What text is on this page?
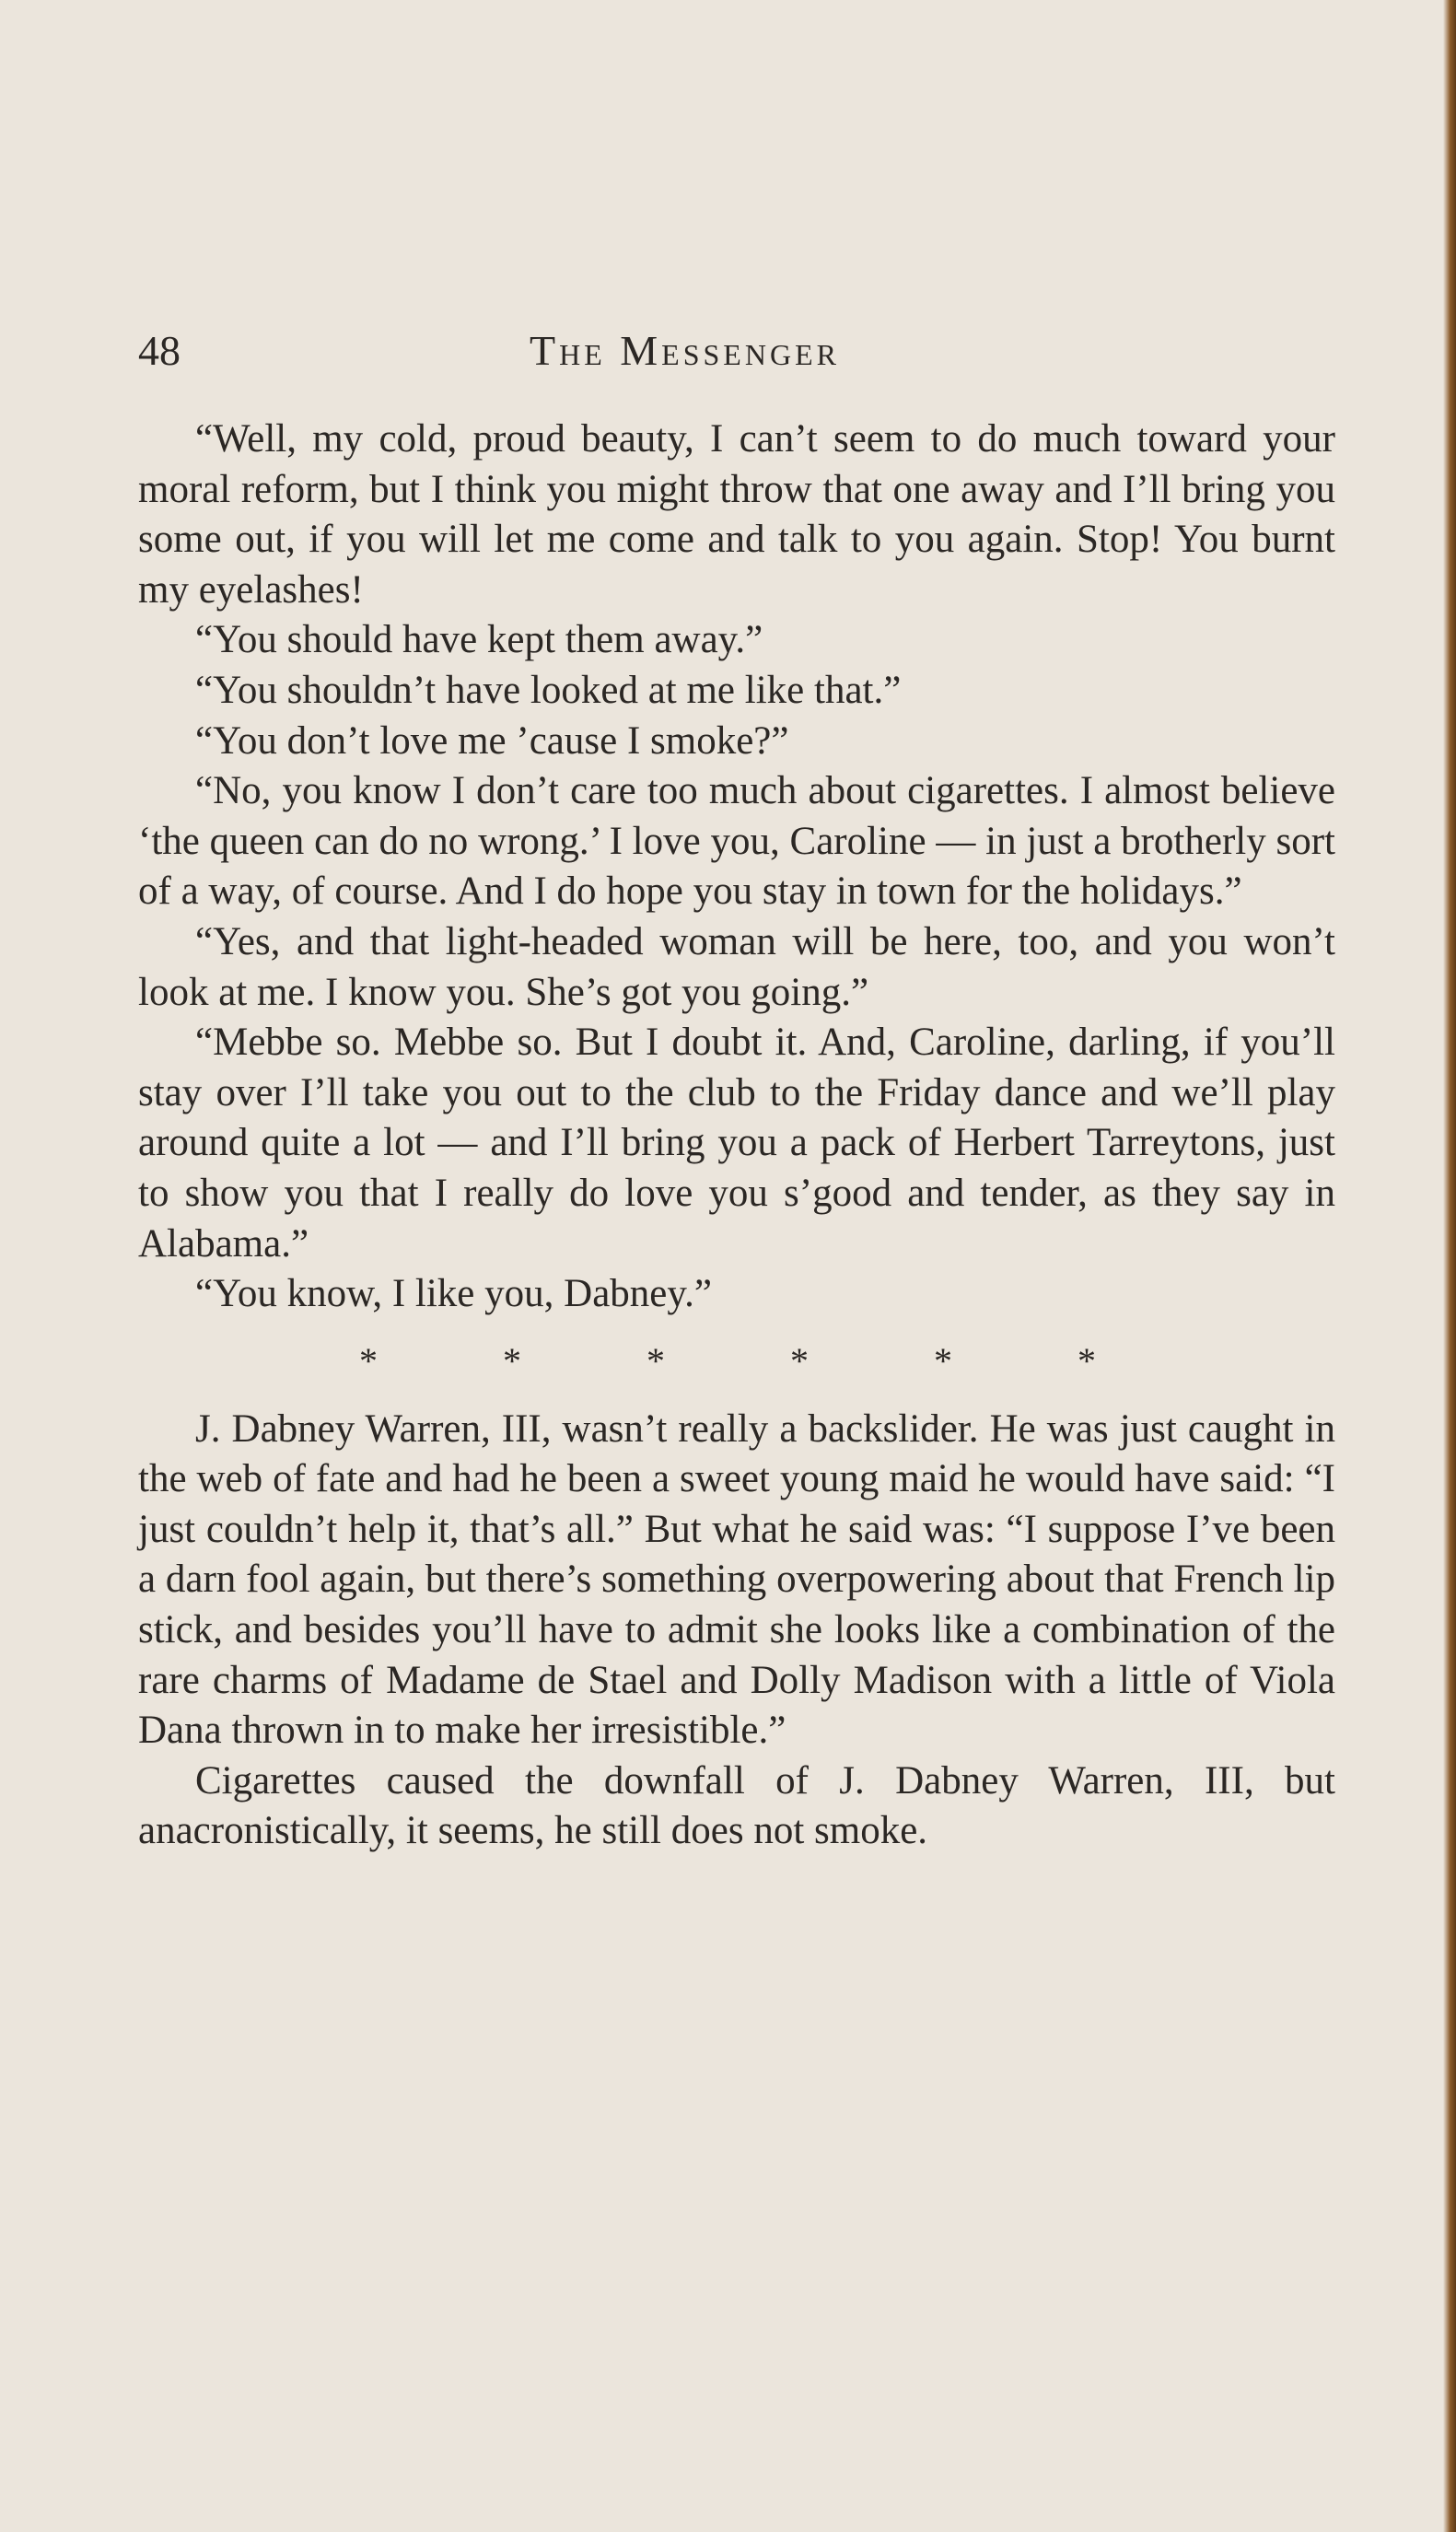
48	The Messenger

“Well, my cold, proud beauty, I can’t seem to do much toward your moral reform, but I think you might throw that one away and I’ll bring you some out, if you will let me come and talk to you again. Stop! You burnt my eyelashes!

“You should have kept them away.”

“You shouldn’t have looked at me like that.”

“You don’t love me ’cause I smoke?”

“No, you know I don’t care too much about cigarettes. I almost believe ‘the queen can do no wrong.’ I love you, Caroline — in just a brotherly sort of a way, of course. And I do hope you stay in town for the holidays.”

“Yes, and that light-headed woman will be here, too, and you won’t look at me. I know you. She’s got you going.”

“Mebbe so. Mebbe so. But I doubt it. And, Caroline, darling, if you’ll stay over I’ll take you out to the club to the Friday dance and we’ll play around quite a lot — and I’ll bring you a pack of Herbert Tarreytons, just to show you that I really do love you s’good and tender, as they say in Alabama.”

“You know, I like you, Dabney.”

*	*	*	*	*	*

J. Dabney Warren, III, wasn’t really a backslider. He was just caught in the web of fate and had he been a sweet young maid he would have said: “I just couldn’t help it, that’s all.” But what he said was: “I suppose I’ve been a darn fool again, but there’s something overpowering about that French lip stick, and besides you’ll have to admit she looks like a combination of the rare charms of Madame de Stael and Dolly Madison with a little of Viola Dana thrown in to make her irresistible.”

Cigarettes caused the downfall of J. Dabney Warren, III, but anacronistically, it seems, he still does not smoke.
